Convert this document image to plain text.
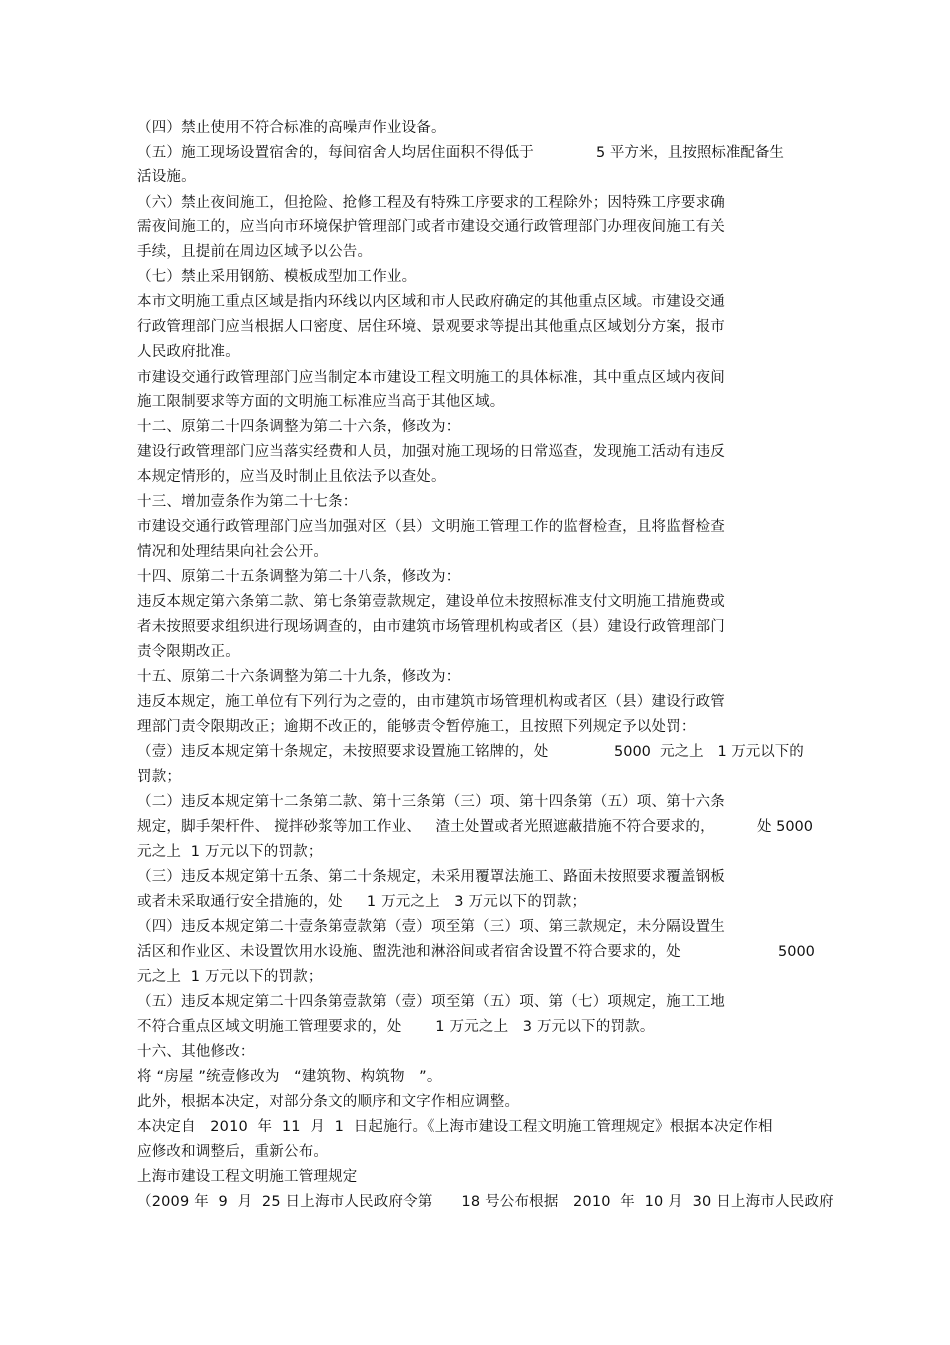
（四）禁止使用不符合标准的高噪声作业设备。
（五）施工现场设置宿舍的，每间宿舍人均居住面积不得低于	5 平方米，且按照标准配备生
活设施。
（六）禁止夜间施工，但抢险、抢修工程及有特殊工序要求的工程除外；因特殊工序要求确
需夜间施工的，应当向市环境保护管理部门或者市建设交通行政管理部门办理夜间施工有关
手续，且提前在周边区域予以公告。
（七）禁止采用钢筋、模板成型加工作业。
本市文明施工重点区域是指内环线以内区域和市人民政府确定的其他重点区域。市建设交通
行政管理部门应当根据人口密度、居住环境、景观要求等提出其他重点区域划分方案，报市
人民政府批准。
市建设交通行政管理部门应当制定本市建设工程文明施工的具体标准，其中重点区域内夜间
施工限制要求等方面的文明施工标准应当高于其他区域。
十二、原第二十四条调整为第二十六条，修改为：
建设行政管理部门应当落实经费和人员，加强对施工现场的日常巡查，发现施工活动有违反
本规定情形的，应当及时制止且依法予以查处。
十三、增加壹条作为第二十七条：
市建设交通行政管理部门应当加强对区（县）文明施工管理工作的监督检查，且将监督检查
情况和处理结果向社会公开。
十四、原第二十五条调整为第二十八条，修改为：
违反本规定第六条第二款、第七条第壹款规定，建设单位未按照标准支付文明施工措施费或
者未按照要求组织进行现场调查的，由市建筑市场管理机构或者区（县）建设行政管理部门
责令限期改正。
十五、原第二十六条调整为第二十九条，修改为：
违反本规定，施工单位有下列行为之壹的，由市建筑市场管理机构或者区（县）建设行政管
理部门责令限期改正；逾期不改正的，能够责令暂停施工，且按照下列规定予以处罚：
（壹）违反本规定第十条规定，未按照要求设置施工铭牌的，处	5000  元之上   1 万元以下的
罚款；
（二）违反本规定第十二条第二款、第十三条第（三）项、第十四条第（五）项、第十六条
规定，脚手架杆件、 搅拌砂浆等加工作业、   渣土处置或者光照遮蔽措施不符合要求的，	处 5000
元之上  1 万元以下的罚款；
（三）违反本规定第十五条、第二十条规定，未采用覆罩法施工、路面未按照要求覆盖钢板
或者未采取通行安全措施的，处     1 万元之上   3 万元以下的罚款；
（四）违反本规定第二十壹条第壹款第（壹）项至第（三）项、第三款规定，未分隔设置生
活区和作业区、未设置饮用水设施、盥洗池和淋浴间或者宿舍设置不符合要求的，处	5000
元之上  1 万元以下的罚款；
（五）违反本规定第二十四条第壹款第（壹）项至第（五）项、第（七）项规定，施工工地
不符合重点区域文明施工管理要求的，处       1 万元之上   3 万元以下的罚款。
十六、其他修改：
将 “房屋 ”统壹修改为   “建筑物、构筑物   ”。
此外，根据本决定，对部分条文的顺序和文字作相应调整。
本决定自   2010  年  11  月  1  日起施行。《上海市建设工程文明施工管理规定》根据本决定作相
应修改和调整后，重新公布。
上海市建设工程文明施工管理规定
（2009 年  9  月  25 日上海市人民政府令第      18 号公布根据   2010  年  10 月  30 日上海市人民政府
